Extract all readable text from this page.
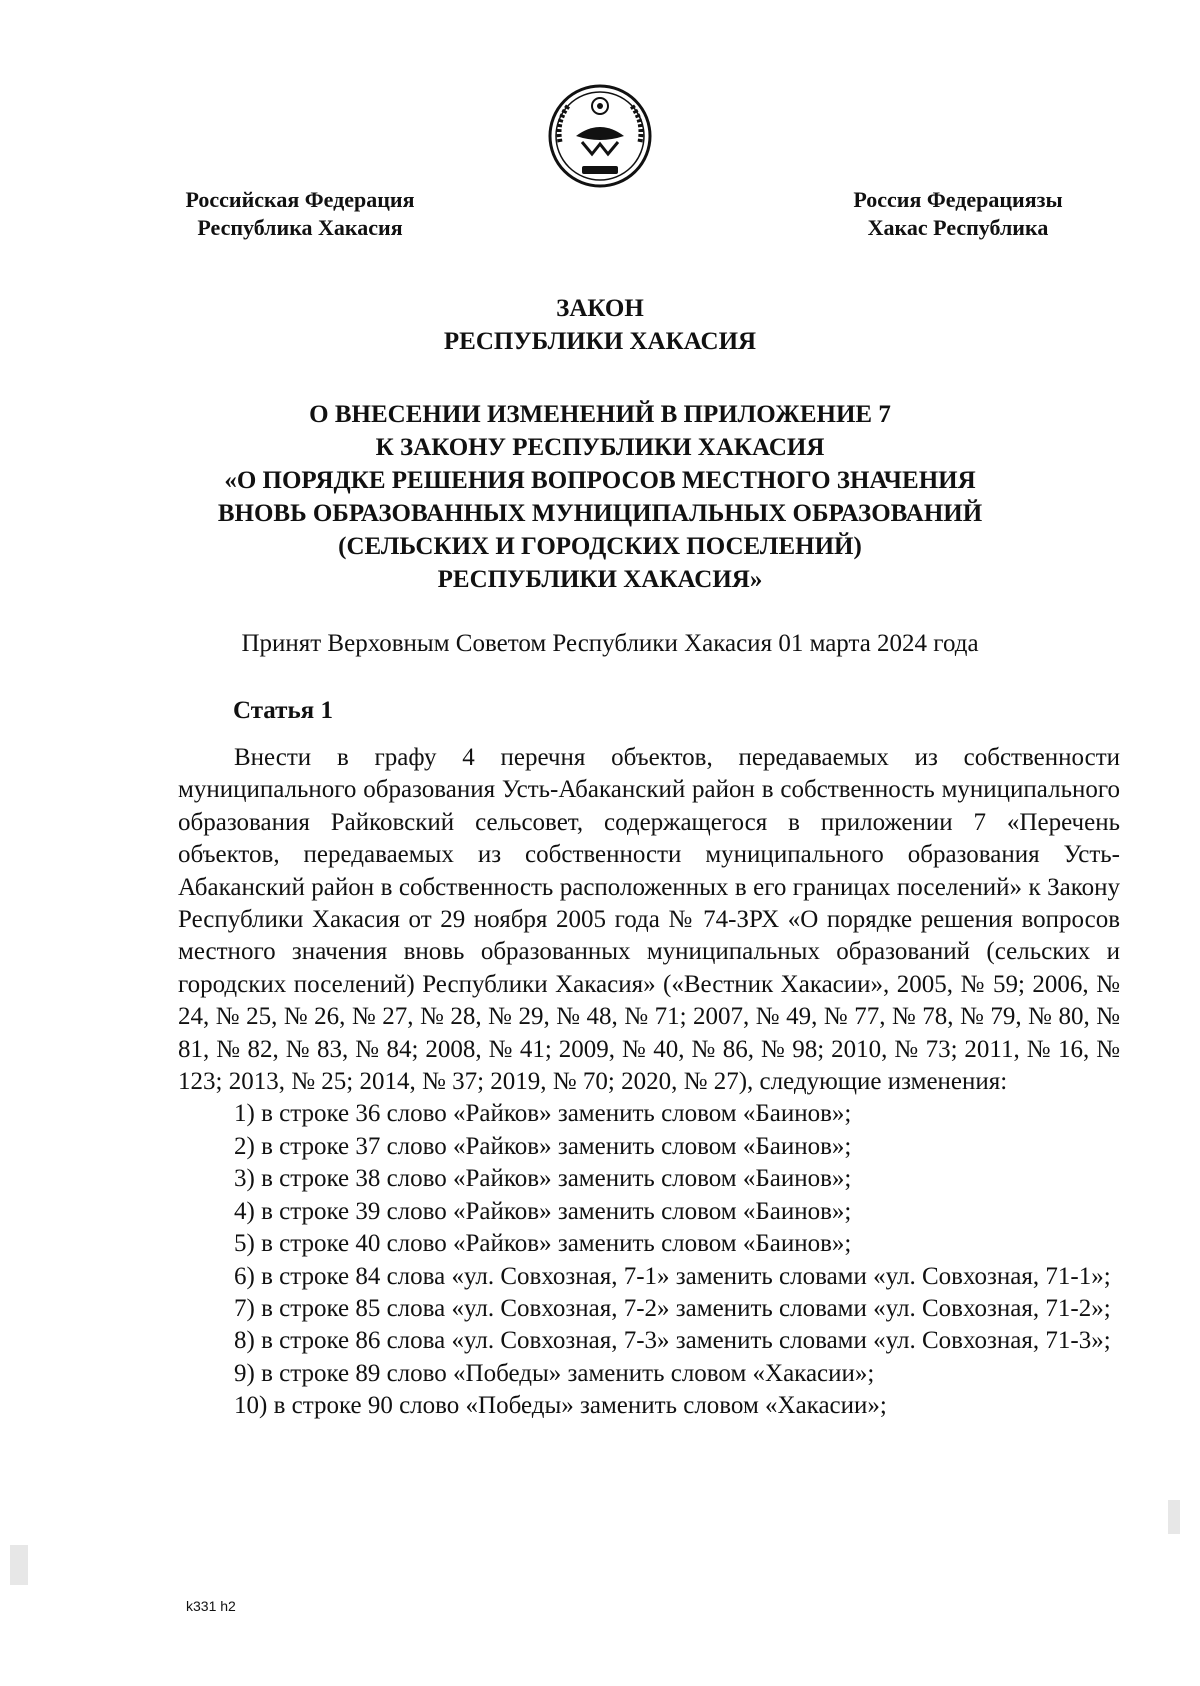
Российская Федерация
Республика Хакасия
Россия Федерациязы
Хакас Республика
ЗАКОН
РЕСПУБЛИКИ ХАКАСИЯ
О ВНЕСЕНИИ ИЗМЕНЕНИЙ В ПРИЛОЖЕНИЕ 7
К ЗАКОНУ РЕСПУБЛИКИ ХАКАСИЯ
«О ПОРЯДКЕ РЕШЕНИЯ ВОПРОСОВ МЕСТНОГО ЗНАЧЕНИЯ
ВНОВЬ ОБРАЗОВАННЫХ МУНИЦИПАЛЬНЫХ ОБРАЗОВАНИЙ
(СЕЛЬСКИХ И ГОРОДСКИХ ПОСЕЛЕНИЙ)
РЕСПУБЛИКИ ХАКАСИЯ»
Принят Верховным Советом Республики Хакасия 01 марта 2024 года
Статья 1

Внести в графу 4 перечня объектов, передаваемых из собственности муниципального образования Усть-Абаканский район в собственность муниципального образования Райковский сельсовет, содержащегося в приложении 7 «Перечень объектов, передаваемых из собственности муниципального образования Усть-Абаканский район в собственность расположенных в его границах поселений» к Закону Республики Хакасия от 29 ноября 2005 года № 74-ЗРХ «О порядке решения вопросов местного значения вновь образованных муниципальных образований (сельских и городских поселений) Республики Хакасия» («Вестник Хакасии», 2005, № 59; 2006, № 24, № 25, № 26, № 27, № 28, № 29, № 48, № 71; 2007, № 49, № 77, № 78, № 79, № 80, № 81, № 82, № 83, № 84; 2008, № 41; 2009, № 40, № 86, № 98; 2010, № 73; 2011, № 16, № 123; 2013, № 25; 2014, № 37; 2019, № 70; 2020, № 27), следующие изменения:

1) в строке 36 слово «Райков» заменить словом «Баинов»;
2) в строке 37 слово «Райков» заменить словом «Баинов»;
3) в строке 38 слово «Райков» заменить словом «Баинов»;
4) в строке 39 слово «Райков» заменить словом «Баинов»;
5) в строке 40 слово «Райков» заменить словом «Баинов»;
6) в строке 84 слова «ул. Совхозная, 7-1» заменить словами «ул. Совхозная, 71-1»;
7) в строке 85 слова «ул. Совхозная, 7-2» заменить словами «ул. Совхозная, 71-2»;
8) в строке 86 слова «ул. Совхозная, 7-3» заменить словами «ул. Совхозная, 71-3»;
9) в строке 89 слово «Победы» заменить словом «Хакасии»;
10) в строке 90 слово «Победы» заменить словом «Хакасии»;
k331 h2
